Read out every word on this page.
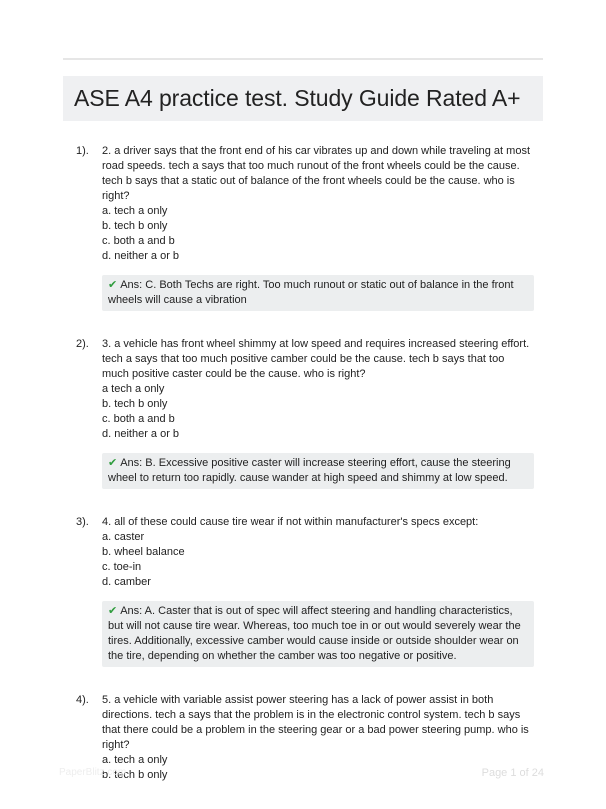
ASE A4 practice test. Study Guide Rated A+
1).	2. a driver says that the front end of his car vibrates up and down while traveling at most road speeds. tech a says that too much runout of the front wheels could be the cause. tech b says that a static out of balance of the front wheels could be the cause. who is right?

a. tech a only
b. tech b only
c. both a and b
d. neither a or b
✔ Ans: C. Both Techs are right. Too much runout or static out of balance in the front wheels will cause a vibration
2).	3. a vehicle has front wheel shimmy at low speed and requires increased steering effort. tech a says that too much positive camber could be the cause. tech b says that too much positive caster could be the cause. who is right?

a tech a only
b. tech b only
c. both a and b
d. neither a or b
✔ Ans: B. Excessive positive caster will increase steering effort, cause the steering wheel to return too rapidly. cause wander at high speed and shimmy at low speed.
3).	4. all of these could cause tire wear if not within manufacturer's specs except:

a. caster
b. wheel balance
c. toe-in
d. camber
✔ Ans: A. Caster that is out of spec will affect steering and handling characteristics, but will not cause tire wear. Whereas, too much toe in or out would severely wear the tires. Additionally, excessive camber would cause inside or outside shoulder wear on the tire, depending on whether the camber was too negative or positive.
4).	5. a vehicle with variable assist power steering has a lack of power assist in both directions. tech a says that the problem is in the electronic control system. tech b says that there could be a problem in the steering gear or a bad power steering pump. who is right?

a. tech a only
b. tech b only
PaperBlitz.com	Page 1 of 24
